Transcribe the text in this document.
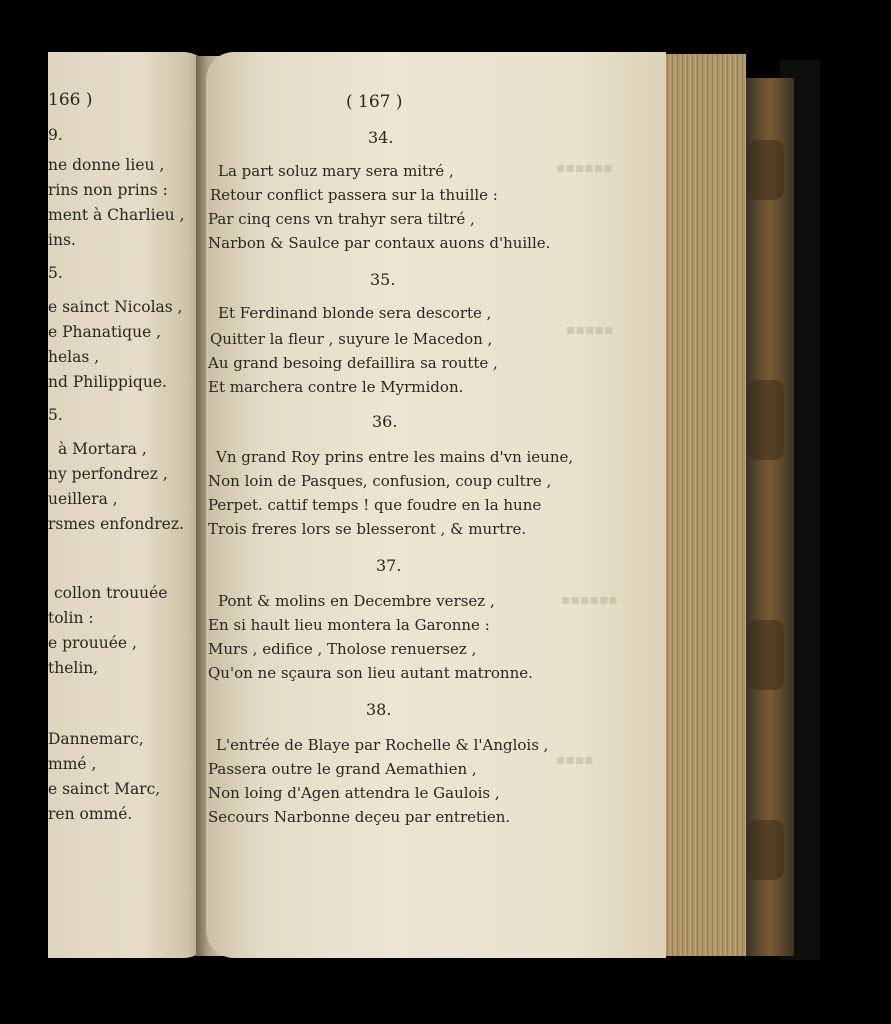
166 )
9.
ne donne lieu ,
rins non prins :
ment à Charlieu ,
ins.
5.
e sainct Nicolas ,
e Phanatique ,
helas ,
nd Philippique.
5.
à Mortara ,
ny perfondrez ,
ueillera ,
rsmes enfondrez.
collon trouuée
tolin :
e prouuée ,
thelin,
Dannemarc,
mmé ,
e sainct Marc,
ren ommé.
▪▪▪▪▪▪
▪▪▪▪▪
▪▪▪▪▪▪
▪▪▪▪
( 167 )
34.
La part soluz mary sera mitré ,
Retour conflict passera sur la thuille :
Par cinq cens vn trahyr sera tiltré ,
Narbon & Saulce par contaux auons d'huille.
35.
Et Ferdinand blonde sera descorte ,
Quitter la fleur , suyure le Macedon ,
Au grand besoing defaillira sa routte ,
Et marchera contre le Myrmidon.
36.
Vn grand Roy prins entre les mains d'vn ieune,
Non loin de Pasques, confusion, coup cultre ,
Perpet. cattif temps ! que foudre en la hune
Trois freres lors se blesseront , & murtre.
37.
Pont & molins en Decembre versez ,
En si hault lieu montera la Garonne :
Murs , edifice , Tholose renuersez ,
Qu'on ne sçaura son lieu autant matronne.
38.
L'entrée de Blaye par Rochelle & l'Anglois ,
Passera outre le grand Aemathien ,
Non loing d'Agen attendra le Gaulois ,
Secours Narbonne deçeu par entretien.
